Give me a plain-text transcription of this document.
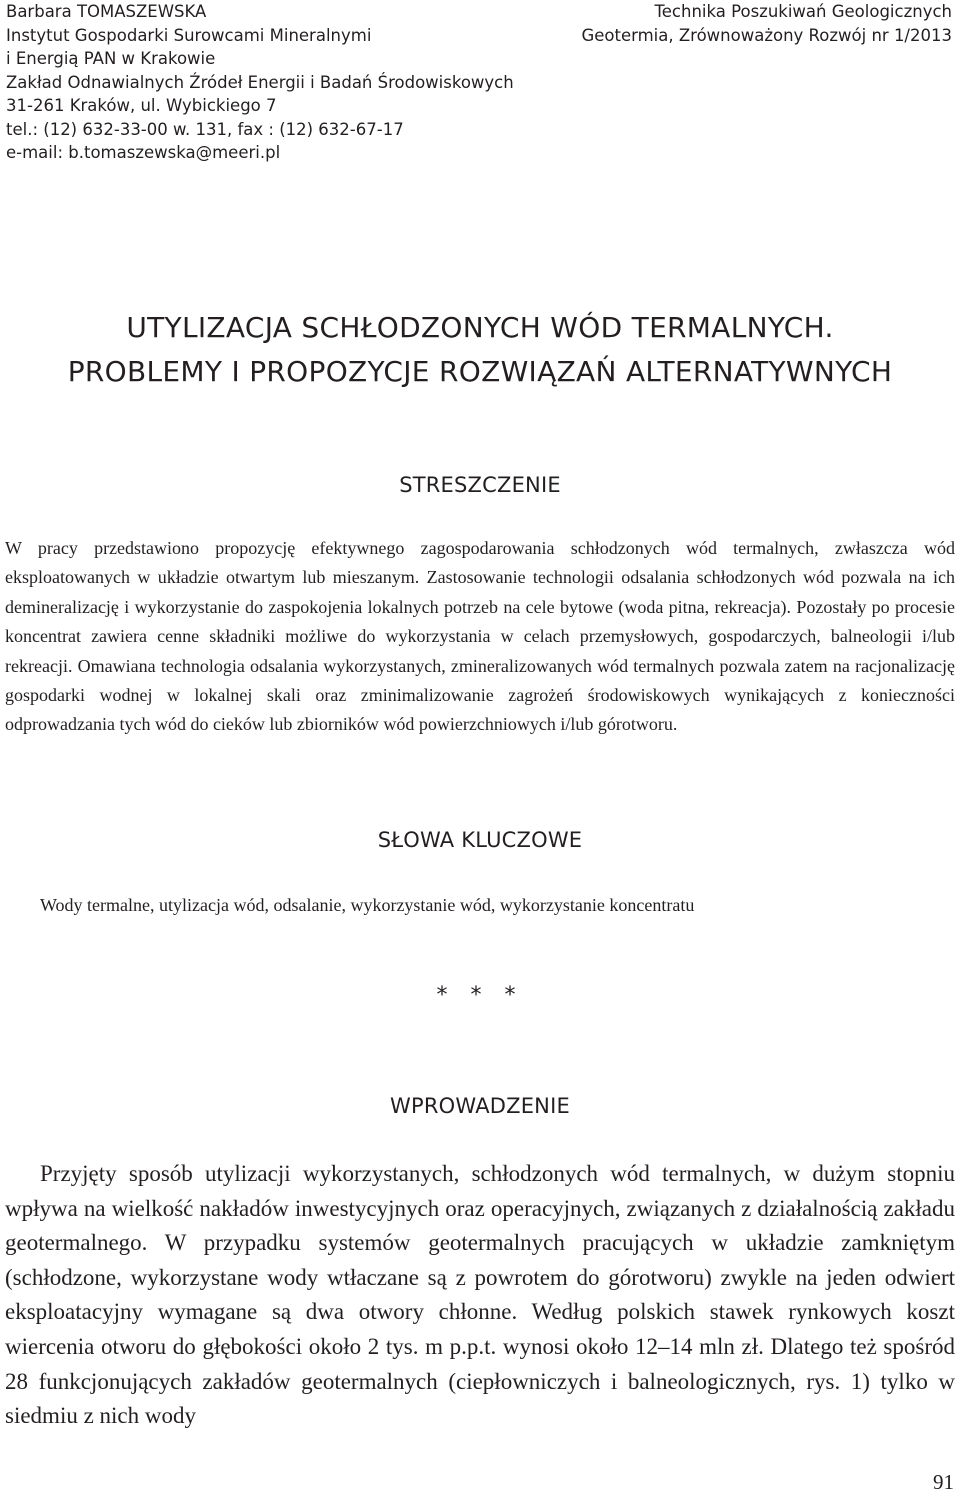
Barbara TOMASZEWSKA
Instytut Gospodarki Surowcami Mineralnymi
i Energią PAN w Krakowie
Zakład Odnawialnych Źródeł Energii i Badań Środowiskowych
31-261 Kraków, ul. Wybickiego 7
tel.: (12) 632-33-00 w. 131, fax : (12) 632-67-17
e-mail: b.tomaszewska@meeri.pl
Technika Poszukiwań Geologicznych
Geotermia, Zrównoważony Rozwój nr 1/2013
UTYLIZACJA SCHŁODZONYCH WÓD TERMALNYCH.
PROBLEMY I PROPOZYCJE ROZWIĄZAŃ ALTERNATYWNYCH
STRESZCZENIE
W pracy przedstawiono propozycję efektywnego zagospodarowania schłodzonych wód termalnych, zwłaszcza wód eksploatowanych w układzie otwartym lub mieszanym. Zastosowanie technologii odsalania schłodzonych wód pozwala na ich demineralizację i wykorzystanie do zaspokojenia lokalnych potrzeb na cele bytowe (woda pitna, rekreacja). Pozostały po procesie koncentrat zawiera cenne składniki możliwe do wykorzystania w celach przemysłowych, gospodarczych, balneologii i/lub rekreacji. Omawiana technologia odsalania wykorzystanych, zmineralizowanych wód termalnych pozwala zatem na racjonalizację gospodarki wodnej w lokalnej skali oraz zminimalizowanie zagrożeń środowiskowych wynikających z konieczności odprowadzania tych wód do cieków lub zbiorników wód powierzchniowych i/lub górotworu.
SŁOWA KLUCZOWE
Wody termalne, utylizacja wód, odsalanie, wykorzystanie wód, wykorzystanie koncentratu
* * *
WPROWADZENIE

Przyjęty sposób utylizacji wykorzystanych, schłodzonych wód termalnych, w dużym stopniu wpływa na wielkość nakładów inwestycyjnych oraz operacyjnych, związanych z działalnością zakładu geotermalnego. W przypadku systemów geotermalnych pracujących w układzie zamkniętym (schłodzone, wykorzystane wody wtłaczane są z powrotem do górotworu) zwykle na jeden odwiert eksploatacyjny wymagane są dwa otwory chłonne. Według polskich stawek rynkowych koszt wiercenia otworu do głębokości około 2 tys. m p.p.t. wynosi około 12–14 mln zł. Dlatego też spośród 28 funkcjonujących zakładów geotermalnych (ciepłowniczych i balneologicznych, rys. 1) tylko w siedmiu z nich wody

91
